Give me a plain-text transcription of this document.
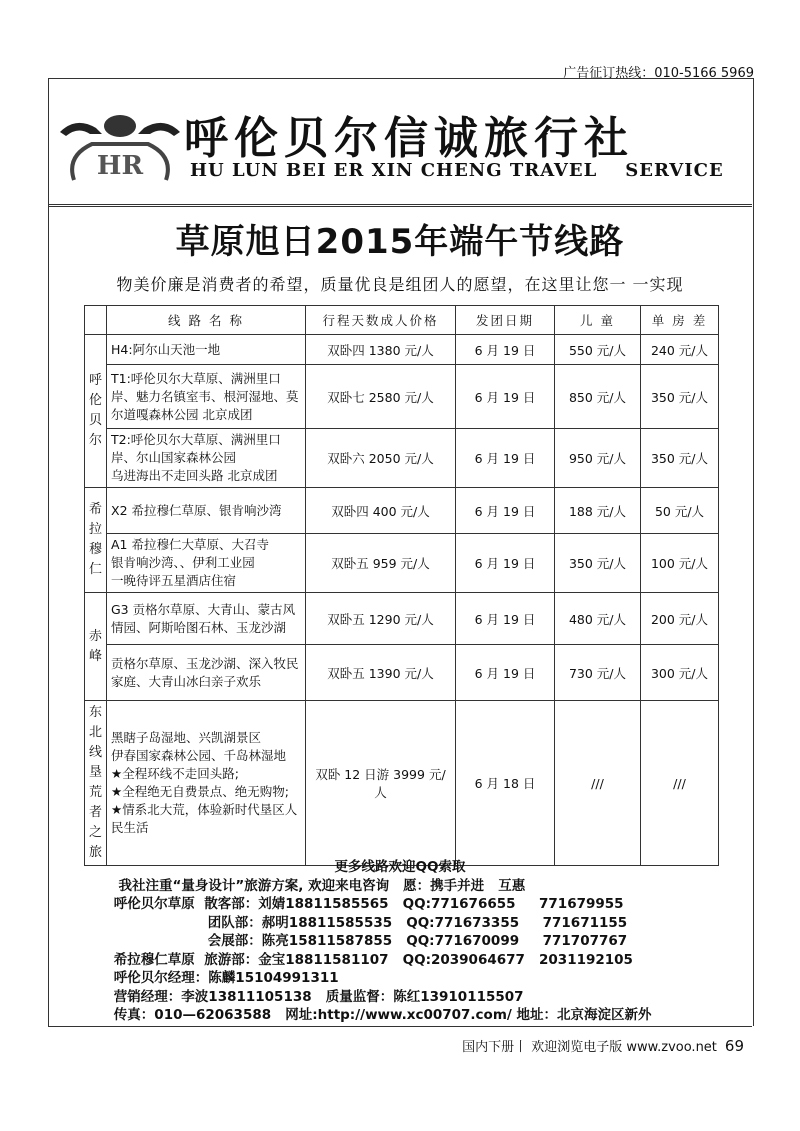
广告征订热线：010-5166 5969
HR
呼伦贝尔信诚旅行社
HU LUN BEI ER XIN CHENG TRAVEL SERVICE
草原旭日2015年端午节线路
物美价廉是消费者的希望，质量优良是组团人的愿望，在这里让您一 一实现
	线 路 名 称	行程天数成人价格	发团日期	儿 童	单 房 差
呼伦贝尔	H4:阿尔山天池一地	双卧四 1380 元/人	6 月 19 日	550 元/人	240 元/人
	T1:呼伦贝尔大草原、满洲里口岸、魅力名镇室韦、根河湿地、莫尔道嘎森林公园 北京成团	双卧七 2580 元/人	6 月 19 日	850 元/人	350 元/人
	T2:呼伦贝尔大草原、满洲里口岸、尔山国家森林公园
乌进海出不走回头路 北京成团	双卧六 2050 元/人	6 月 19 日	950 元/人	350 元/人
希拉穆仁	X2 希拉穆仁草原、银肯响沙湾	双卧四 400 元/人	6 月 19 日	188 元/人	50 元/人
	A1 希拉穆仁大草原、大召寺
银肯响沙湾、、伊利工业园
一晚待评五星酒店住宿	双卧五 959 元/人	6 月 19 日	350 元/人	100 元/人
赤峰	G3 贡格尔草原、大青山、蒙古风情园、阿斯哈图石林、玉龙沙湖	双卧五 1290 元/人	6 月 19 日	480 元/人	200 元/人
	贡格尔草原、玉龙沙湖、深入牧民家庭、大青山冰臼亲子欢乐	双卧五 1390 元/人	6 月 19 日	730 元/人	300 元/人
东北线垦荒者之旅	黑瞎子岛湿地、兴凯湖景区
伊春国家森林公园、千岛林湿地
★全程环线不走回头路;
★全程绝无自费景点、绝无购物;
★情系北大荒，体验新时代垦区人民生活	双卧 12 日游 3999 元/人	6 月 18 日	///	///
更多线路欢迎QQ索取
我社注重“量身设计”旅游方案, 欢迎来电咨询   愿：携手并进   互惠
呼伦贝尔草原  散客部：刘婧18811585565   QQ:771676655     771679955
团队部：郝明18811585535   QQ:771673355     771671155
会展部：陈亮15811587855   QQ:771670099     771707767
希拉穆仁草原  旅游部：金宝18811581107   QQ:2039064677   2031192105
呼伦贝尔经理：陈麟15104991311
营销经理：李波13811105138   质量监督：陈红13910115507
传真：010—62063588   网址:http://www.xc00707.com/ 地址：北京海淀区新外
国内下册丨 欢迎浏览电子版 www.zvoo.net 69
